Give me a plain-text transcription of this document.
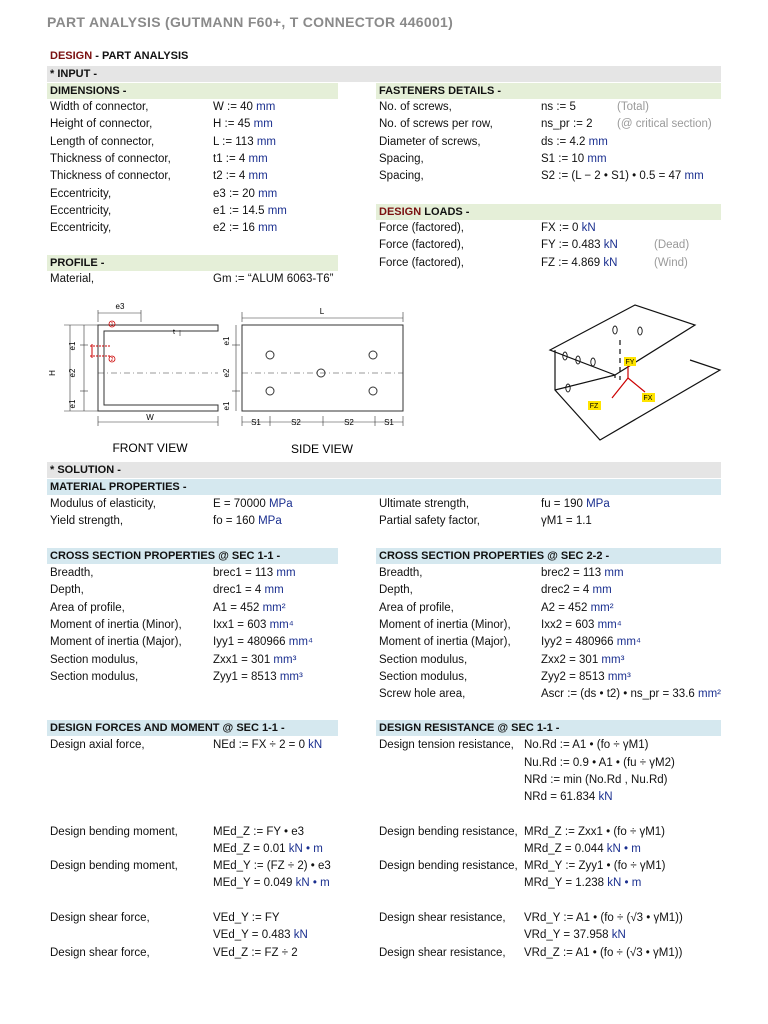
PART ANALYSIS (GUTMANN F60+, T CONNECTOR 446001)
DESIGN - PART ANALYSIS
* INPUT -
DIMENSIONS -	FASTENERS DETAILS -
Width of connector,	W := 40 mm
Height of connector,	H := 45 mm
Length of connector,	L := 113 mm
Thickness of connector,	t1 := 4 mm
Thickness of connector,	t2 := 4 mm
Eccentricity,	e3 := 20 mm
Eccentricity,	e1 := 14.5 mm
Eccentricity,	e2 := 16 mm
No. of screws,	ns := 5	(Total)
No. of screws per row,	ns_pr := 2 (@ critical section)
Diameter of screws,	ds := 4.2 mm
Spacing,	S1 := 10 mm
Spacing,	S2 := (L − 2 • S1) • 0.5 = 47 mm
DESIGN LOADS -
Force (factored),	FX := 0 kN
Force (factored),	FY := 0.483 kN	(Dead)
Force (factored),	FZ := 4.869 kN	(Wind)
PROFILE -
Material,	Gm := “ALUM 6063-T6”
1
2
e3
e1
e2
e1
H
W
t
FRONT VIEW
L
e1
e2
e1
S1	S2	S2	S1
SIDE VIEW
FY
FX
FZ
* SOLUTION -
MATERIAL PROPERTIES -
Modulus of elasticity,	E = 70000 MPa
Yield strength,	fo = 160 MPa
Ultimate strength,	fu = 190 MPa
Partial safety factor,	γM1 = 1.1
CROSS SECTION PROPERTIES @ SEC 1-1 -	CROSS SECTION PROPERTIES @ SEC 2-2 -
Breadth,	brec1 = 113 mm
Depth,	drec1 = 4 mm
Area of profile,	A1 = 452 mm²
Moment of inertia (Minor),	Ixx1 = 603 mm⁴
Moment of inertia (Major),	Iyy1 = 480966 mm⁴
Section modulus,	Zxx1 = 301 mm³
Section modulus,	Zyy1 = 8513 mm³
Breadth,	brec2 = 113 mm
Depth,	drec2 = 4 mm
Area of profile,	A2 = 452 mm²
Moment of inertia (Minor),	Ixx2 = 603 mm⁴
Moment of inertia (Major),	Iyy2 = 480966 mm⁴
Section modulus,	Zxx2 = 301 mm³
Section modulus,	Zyy2 = 8513 mm³
Screw hole area,	Ascr := (ds • t2) • ns_pr = 33.6 mm²
DESIGN FORCES AND MOMENT @ SEC 1-1 -	DESIGN RESISTANCE @ SEC 1-1 -
Design axial force,	NEd := FX ÷ 2 = 0 kN
Design bending moment,	MEd_Z := FY • e3
MEd_Z = 0.01 kN • m
Design bending moment,	MEd_Y := (FZ ÷ 2) • e3
MEd_Y = 0.049 kN • m
Design shear force,	VEd_Y := FY
VEd_Y = 0.483 kN
Design shear force,	VEd_Z := FZ ÷ 2
Design tension resistance, No.Rd := A1 • (fo ÷ γM1)
Nu.Rd := 0.9 • A1 • (fu ÷ γM2)
NRd := min (No.Rd , Nu.Rd)
NRd = 61.834 kN
Design bending resistance, MRd_Z := Zxx1 • (fo ÷ γM1)
MRd_Z = 0.044 kN • m
Design bending resistance, MRd_Y := Zyy1 • (fo ÷ γM1)
MRd_Y = 1.238 kN • m
Design shear resistance, VRd_Y := A1 • (fo ÷ (√3 • γM1))
VRd_Y = 37.958 kN
Design shear resistance, VRd_Z := A1 • (fo ÷ (√3 • γM1))
